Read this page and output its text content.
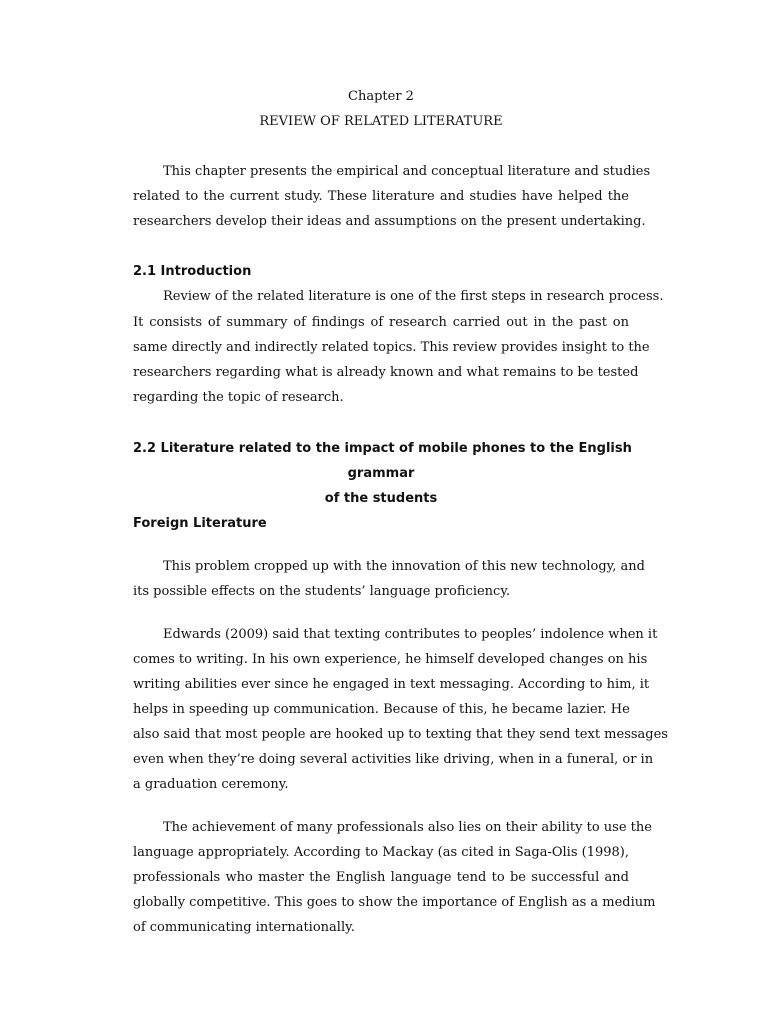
Chapter 2
REVIEW OF RELATED LITERATURE
This chapter presents the empirical and conceptual literature and studies
related to the current study. These literature and studies have helped the
researchers develop their ideas and assumptions on the present undertaking.
2.1 Introduction
Review of the related literature is one of the first steps in research process.
It consists of summary of findings of research carried out in the past on
same directly and indirectly related topics. This review provides insight to the
researchers regarding what is already known and what remains to be tested
regarding the topic of research.
2.2 Literature related to the impact of mobile phones to the English
grammar
of the students
Foreign Literature
This problem cropped up with the innovation of this new technology, and
its possible effects on the students’ language proficiency.
Edwards (2009) said that texting contributes to peoples’ indolence when it
comes to writing. In his own experience, he himself developed changes on his
writing abilities ever since he engaged in text messaging. According to him, it
helps in speeding up communication. Because of this, he became lazier. He
also said that most people are hooked up to texting that they send text messages
even when they’re doing several activities like driving, when in a funeral, or in
a graduation ceremony.
The achievement of many professionals also lies on their ability to use the
language appropriately. According to Mackay (as cited in Saga-Olis (1998),
professionals who master the English language tend to be successful and
globally competitive. This goes to show the importance of English as a medium
of communicating internationally.
